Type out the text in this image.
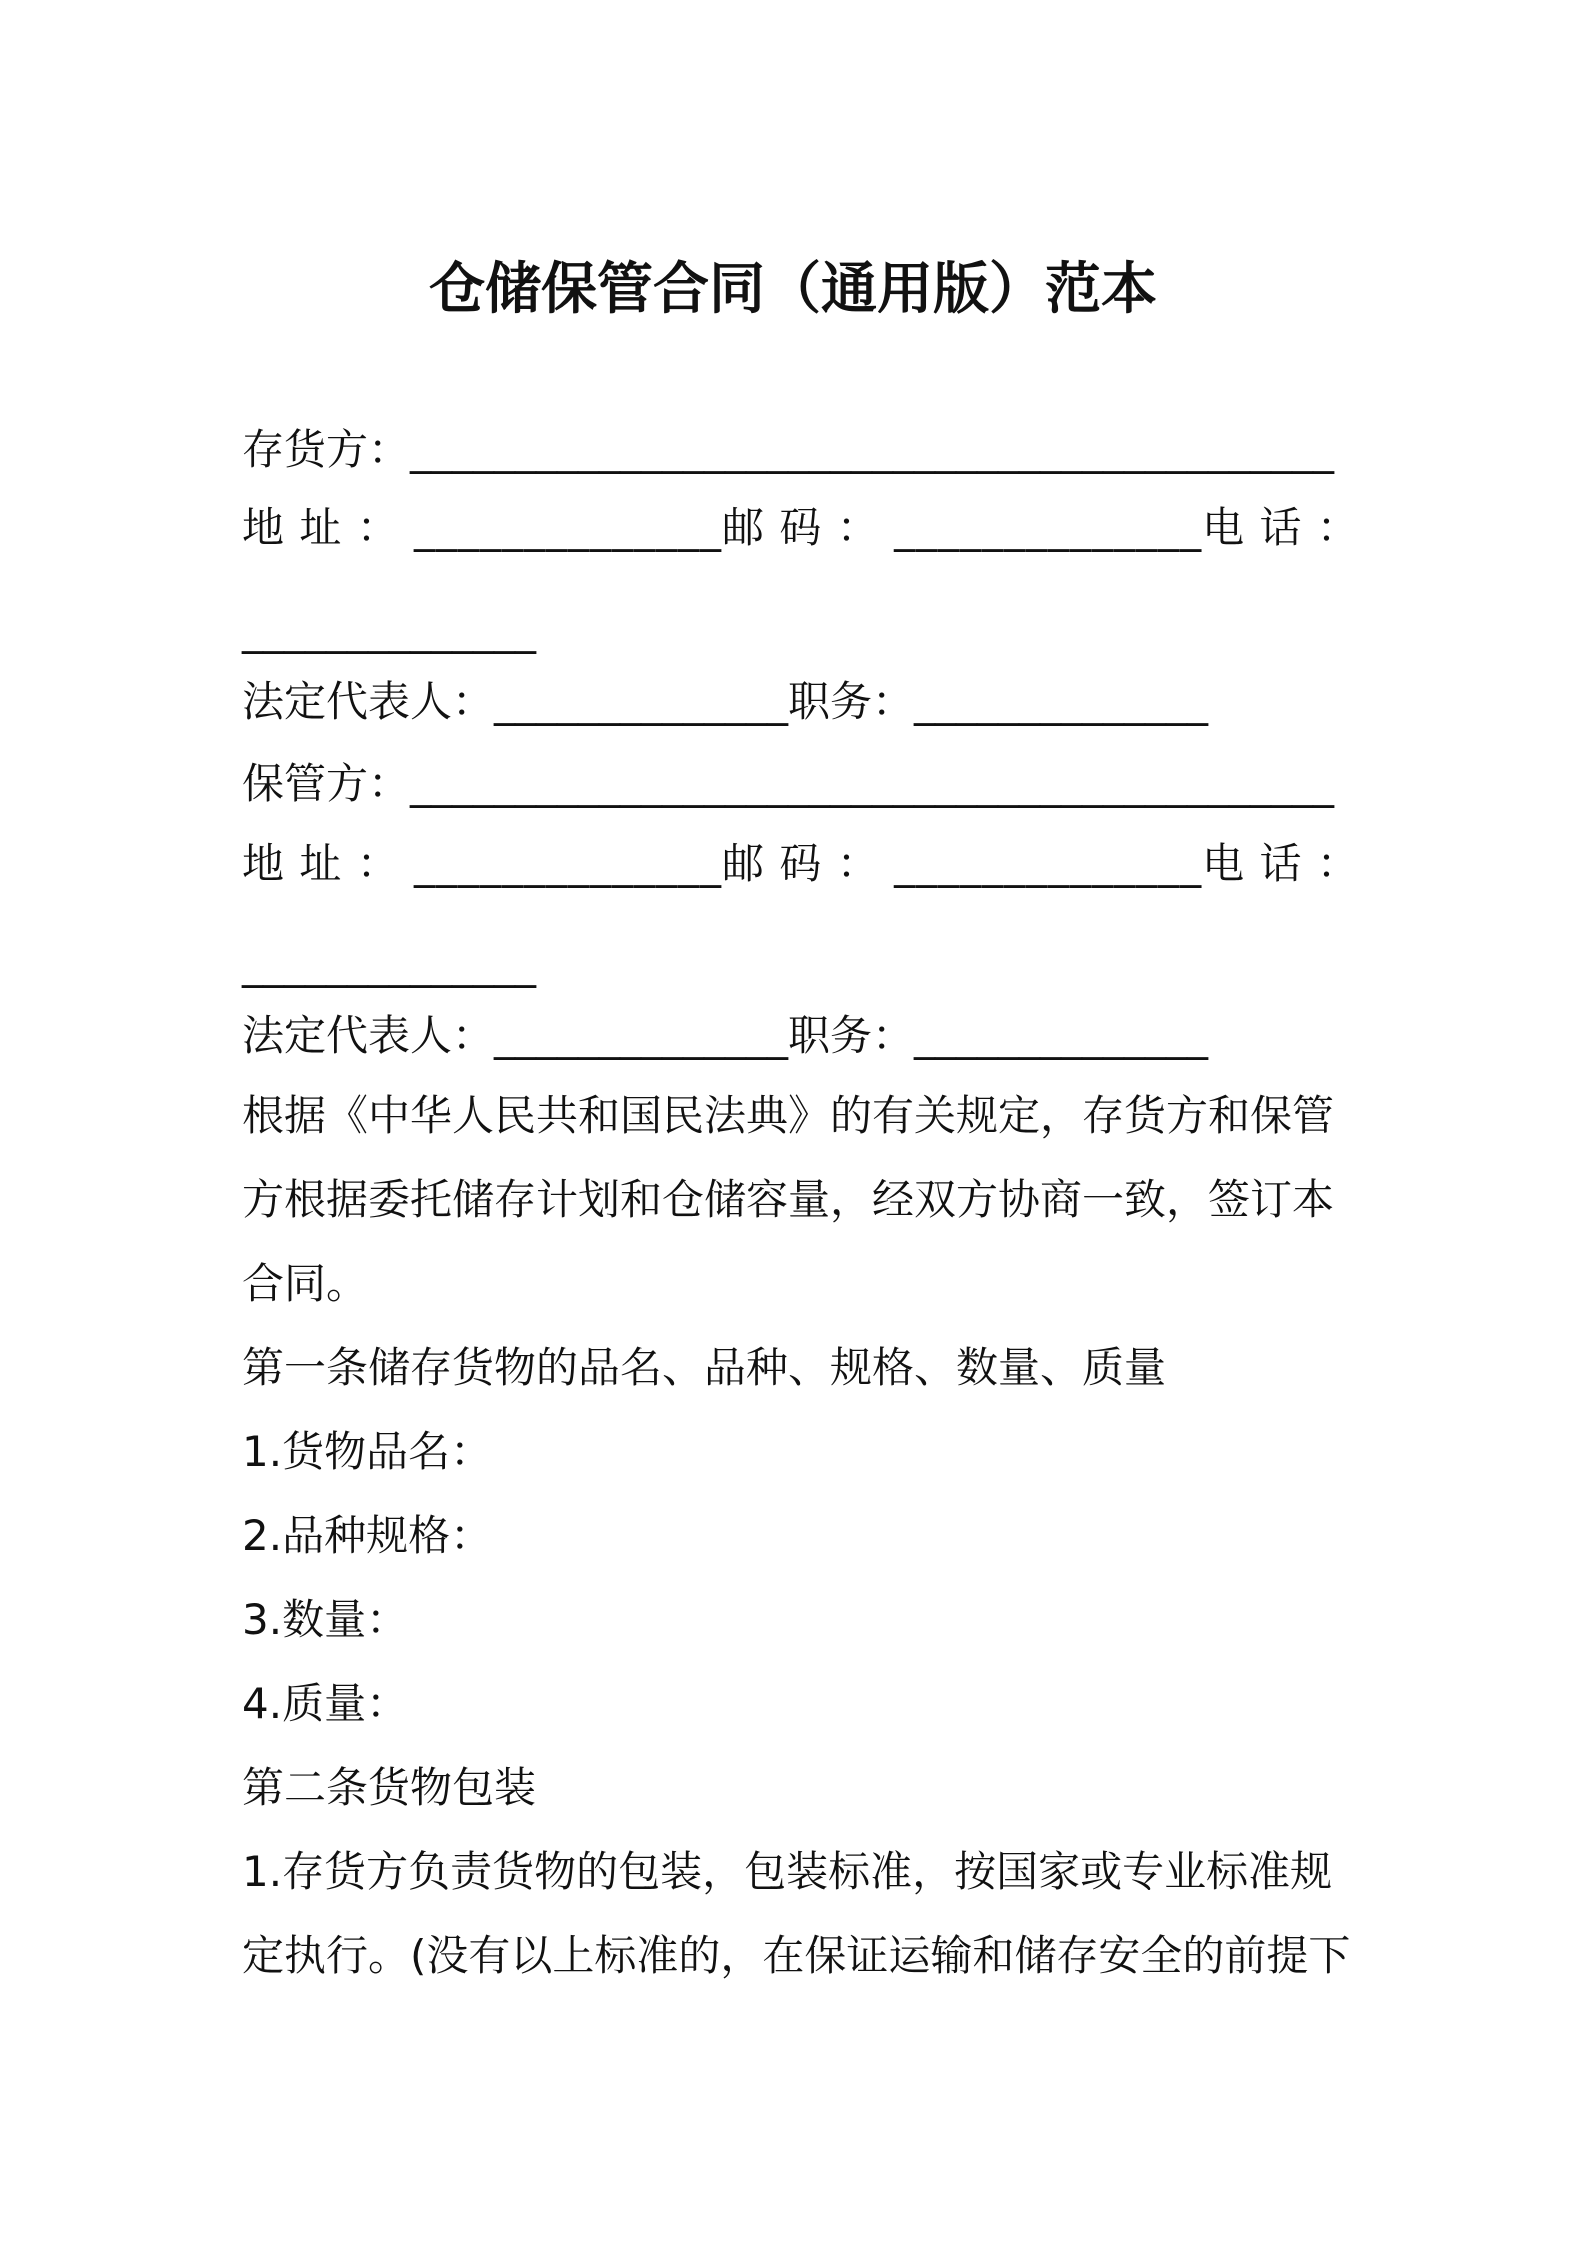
仓储保管合同（通用版）范本
存货方：____________________________________________
地 址 ： ______________邮 码 ： ______________电 话 ：
______________
法定代表人：______________职务：______________
保管方：____________________________________________
地 址 ： ______________邮 码 ： ______________电 话 ：
______________
法定代表人：______________职务：______________
根据《中华人民共和国民法典》的有关规定，存货方和保管
方根据委托储存计划和仓储容量，经双方协商一致，签订本
合同。
第一条储存货物的品名、品种、规格、数量、质量
1.货物品名：
2.品种规格：
3.数量：
4.质量：
第二条货物包装
1.存货方负责货物的包装，包装标准，按国家或专业标准规
定执行。(没有以上标准的，在保证运输和储存安全的前提下
